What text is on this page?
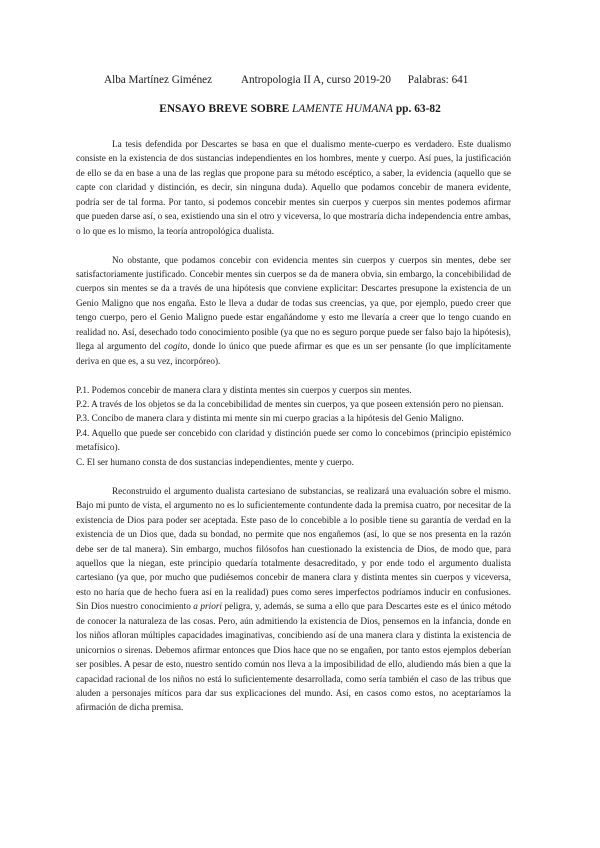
Alba Martínez Giménez	Antropologia II A, curso 2019-20 Palabras: 641
ENSAYO BREVE SOBRE LAMENTE HUMANA pp. 63-82

La tesis defendida por Descartes se basa en que el dualismo mente-cuerpo es verdadero. Este dualismo consiste en la existencia de dos sustancias independientes en los hombres, mente y cuerpo. Así pues, la justificación de ello se da en base a una de las reglas que propone para su método escéptico, a saber, la evidencia (aquello que se capte con claridad y distinción, es decir, sin ninguna duda). Aquello que podamos concebir de manera evidente, podría ser de tal forma. Por tanto, si podemos concebir mentes sin cuerpos y cuerpos sin mentes podemos afirmar que pueden darse así, o sea, existiendo una sin el otro y viceversa, lo que mostraría dicha independencia entre ambas, o lo que es lo mismo, la teoría antropológica dualista.

No obstante, que podamos concebir con evidencia mentes sin cuerpos y cuerpos sin mentes, debe ser satisfactoriamente justificado. Concebir mentes sin cuerpos se da de manera obvia, sin embargo, la concebibilidad de cuerpos sin mentes se da a través de una hipótesis que conviene explicitar: Descartes presupone la existencia de un Genio Maligno que nos engaña. Esto le lleva a dudar de todas sus creencias, ya que, por ejemplo, puedo creer que tengo cuerpo, pero el Genio Maligno puede estar engañándome y esto me llevaría a creer que lo tengo cuando en realidad no. Así, desechado todo conocimiento posible (ya que no es seguro porque puede ser falso bajo la hipótesis), llega al argumento del cogito, donde lo único que puede afirmar es que es un ser pensante (lo que implícitamente deriva en que es, a su vez, incorpóreo).

P.1. Podemos concebir de manera clara y distinta mentes sin cuerpos y cuerpos sin mentes.
P.2. A través de los objetos se da la concebibilidad de mentes sin cuerpos, ya que poseen extensión pero no piensan.
P.3. Concibo de manera clara y distinta mi mente sin mi cuerpo gracias a la hipótesis del Genio Maligno.
P.4. Aquello que puede ser concebido con claridad y distinción puede ser como lo concebimos (principio epistémico metafísico).
C. El ser humano consta de dos sustancias independientes, mente y cuerpo.

Reconstruido el argumento dualista cartesiano de substancias, se realizará una evaluación sobre el mismo. Bajo mi punto de vista, el argumento no es lo suficientemente contundente dada la premisa cuatro, por necesitar de la existencia de Dios para poder ser aceptada. Este paso de lo concebible a lo posible tiene su garantía de verdad en la existencia de un Dios que, dada su bondad, no permite que nos engañemos (así, lo que se nos presenta en la razón debe ser de tal manera). Sin embargo, muchos filósofos han cuestionado la existencia de Dios, de modo que, para aquellos que la niegan, este principio quedaría totalmente desacreditado, y por ende todo el argumento dualista cartesiano (ya que, por mucho que pudiésemos concebir de manera clara y distinta mentes sin cuerpos y viceversa, esto no haría que de hecho fuera así en la realidad) pues como seres imperfectos podríamos inducir en confusiones. Sin Dios nuestro conocimiento a priori peligra, y, además, se suma a ello que para Descartes este es el único método de conocer la naturaleza de las cosas. Pero, aún admitiendo la existencia de Dios, pensemos en la infancia, donde en los niños afloran múltiples capacidades imaginativas, concibiendo así de una manera clara y distinta la existencia de unicornios o sirenas. Debemos afirmar entonces que Dios hace que no se engañen, por tanto estos ejemplos deberían ser posibles. A pesar de esto, nuestro sentido común nos lleva a la imposibilidad de ello, aludiendo más bien a que la capacidad racional de los niños no está lo suficientemente desarrollada, como sería también el caso de las tribus que aluden a personajes míticos para dar sus explicaciones del mundo. Así, en casos como estos, no aceptaríamos la afirmación de dicha premisa.
